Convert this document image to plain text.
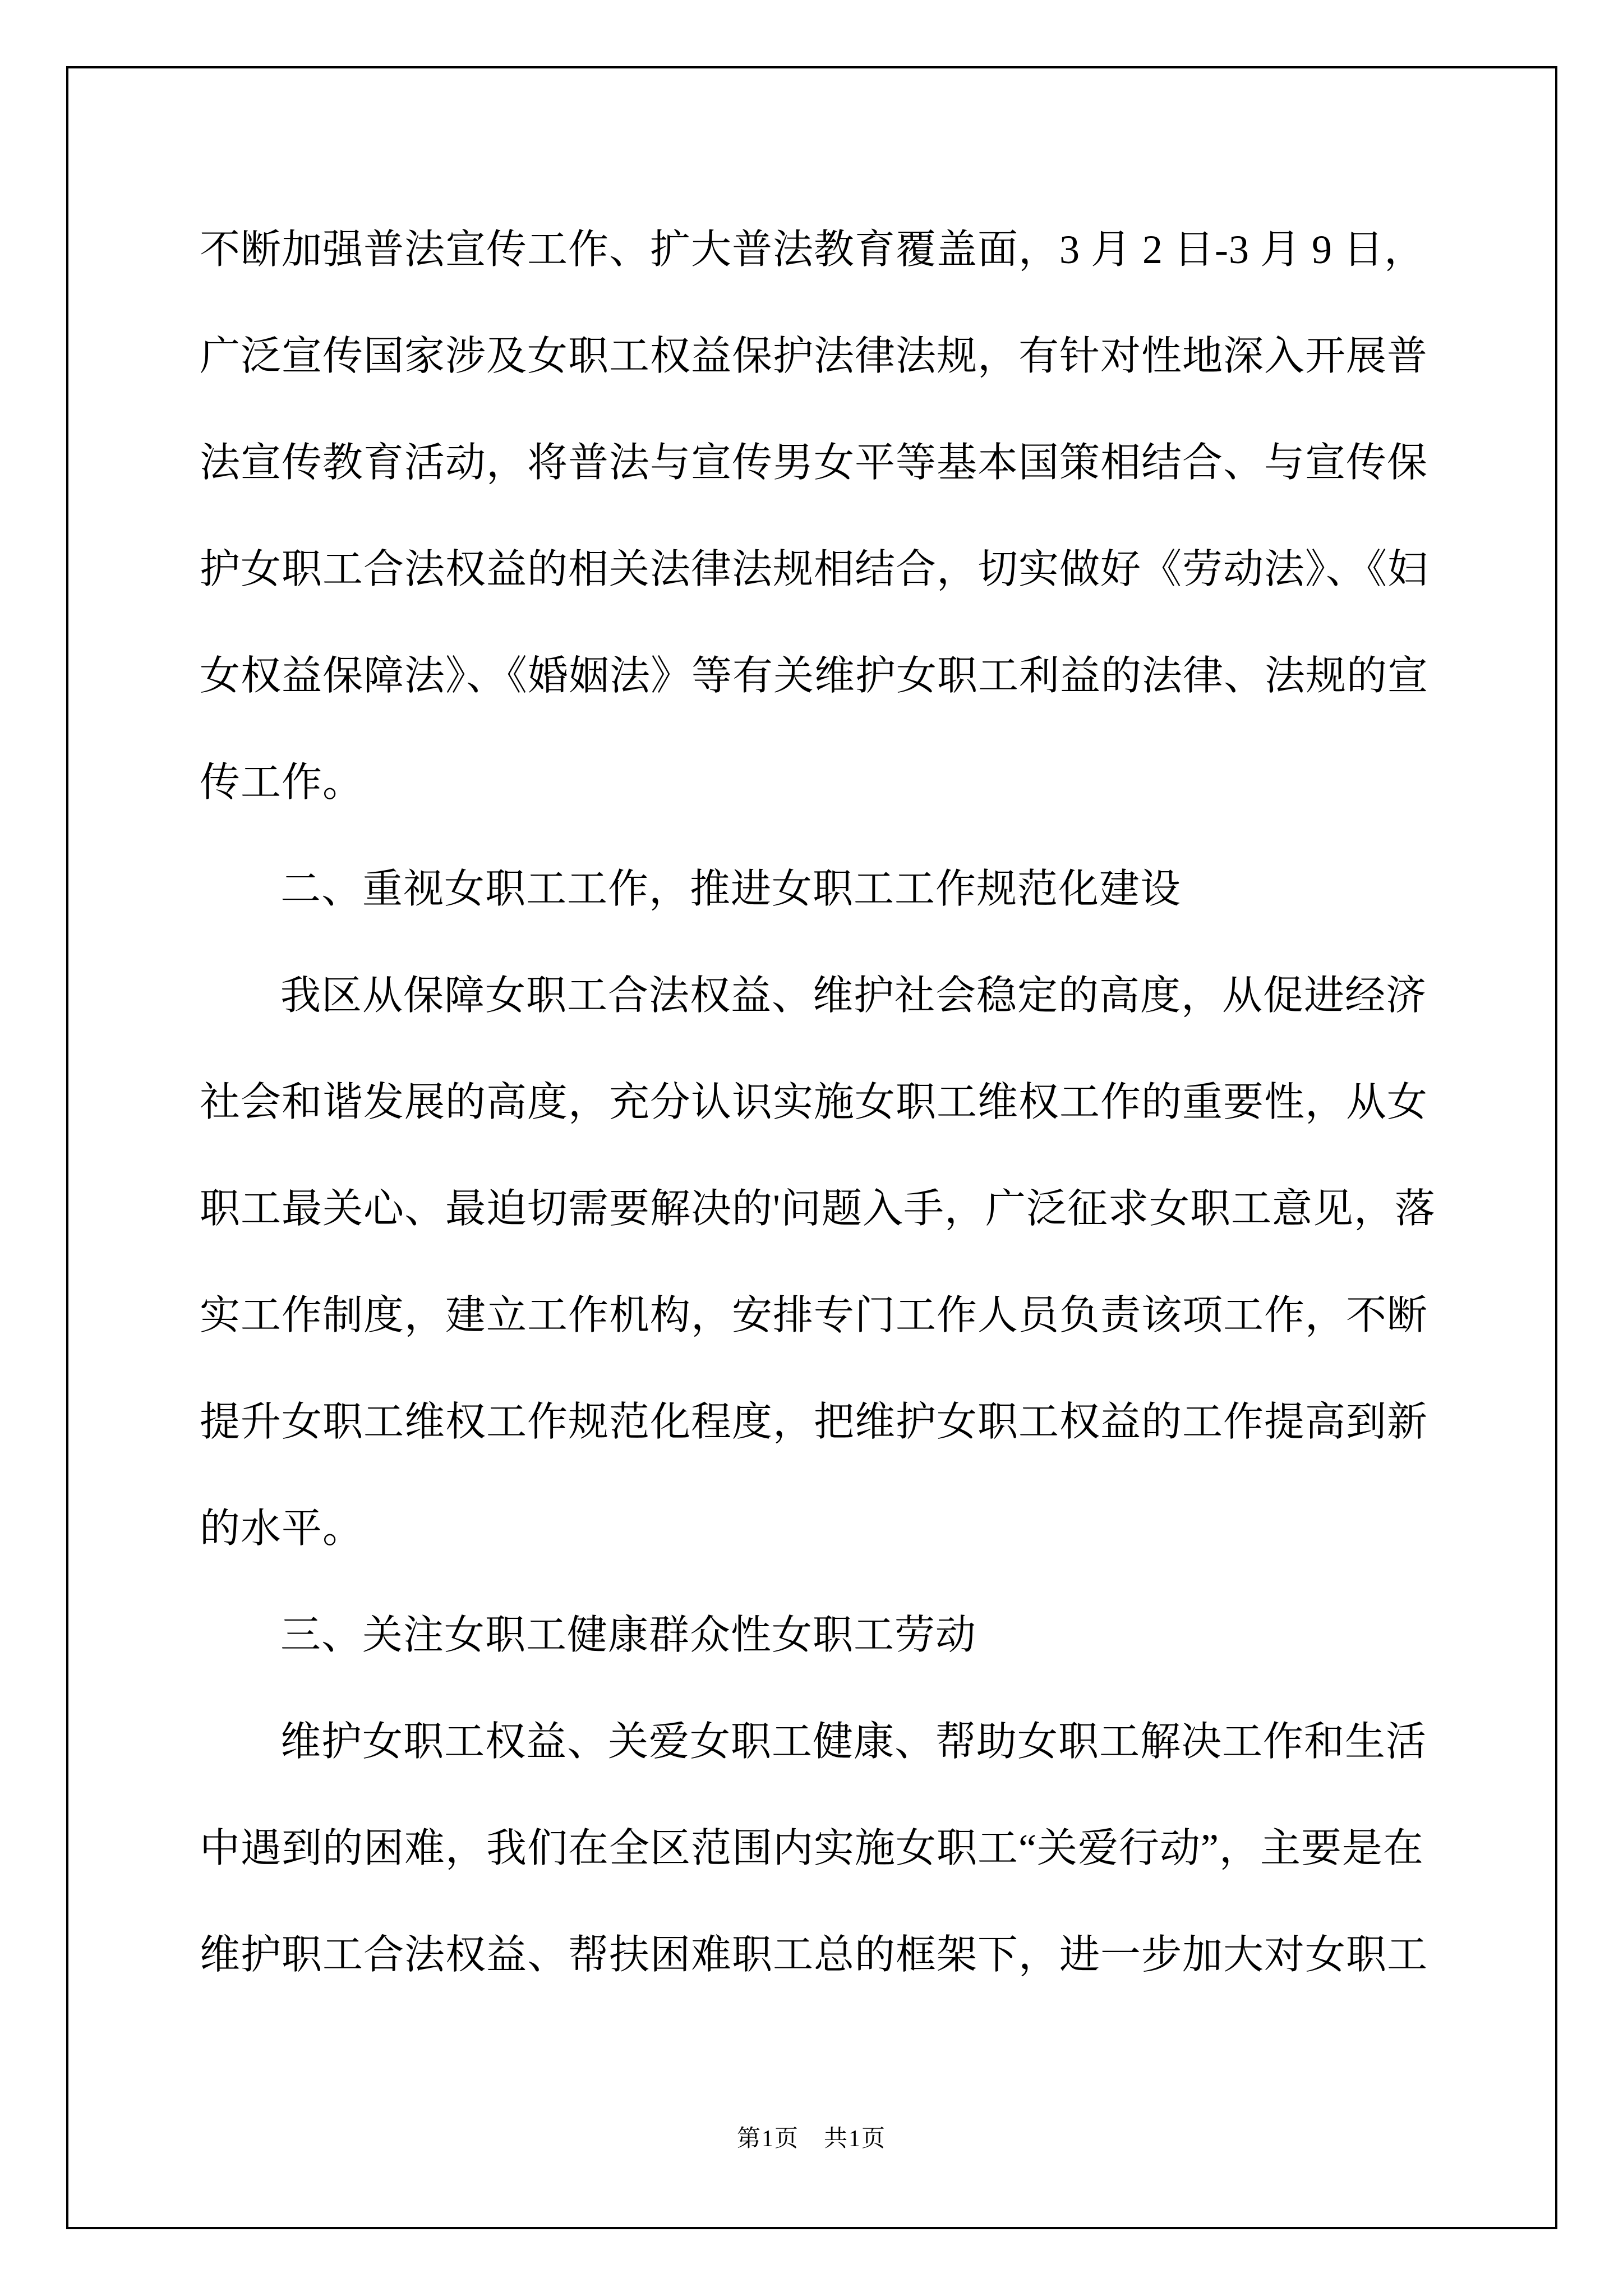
不断加强普法宣传工作、扩大普法教育覆盖面，3 月 2 日-3 月 9 日，
广泛宣传国家涉及女职工权益保护法律法规，有针对性地深入开展普
法宣传教育活动，将普法与宣传男女平等基本国策相结合、与宣传保
护女职工合法权益的相关法律法规相结合，切实做好《劳动法》、《妇
女权益保障法》、《婚姻法》等有关维护女职工利益的法律、法规的宣
传工作。
二、重视女职工工作，推进女职工工作规范化建设
我区从保障女职工合法权益、维护社会稳定的高度，从促进经济
社会和谐发展的高度，充分认识实施女职工维权工作的重要性，从女
职工最关心、最迫切需要解决的'问题入手，广泛征求女职工意见，落
实工作制度，建立工作机构，安排专门工作人员负责该项工作，不断
提升女职工维权工作规范化程度，把维护女职工权益的工作提高到新
的水平。
三、关注女职工健康群众性女职工劳动
维护女职工权益、关爱女职工健康、帮助女职工解决工作和生活
中遇到的困难，我们在全区范围内实施女职工“关爱行动”，主要是在
维护职工合法权益、帮扶困难职工总的框架下，进一步加大对女职工
第1页　共1页
